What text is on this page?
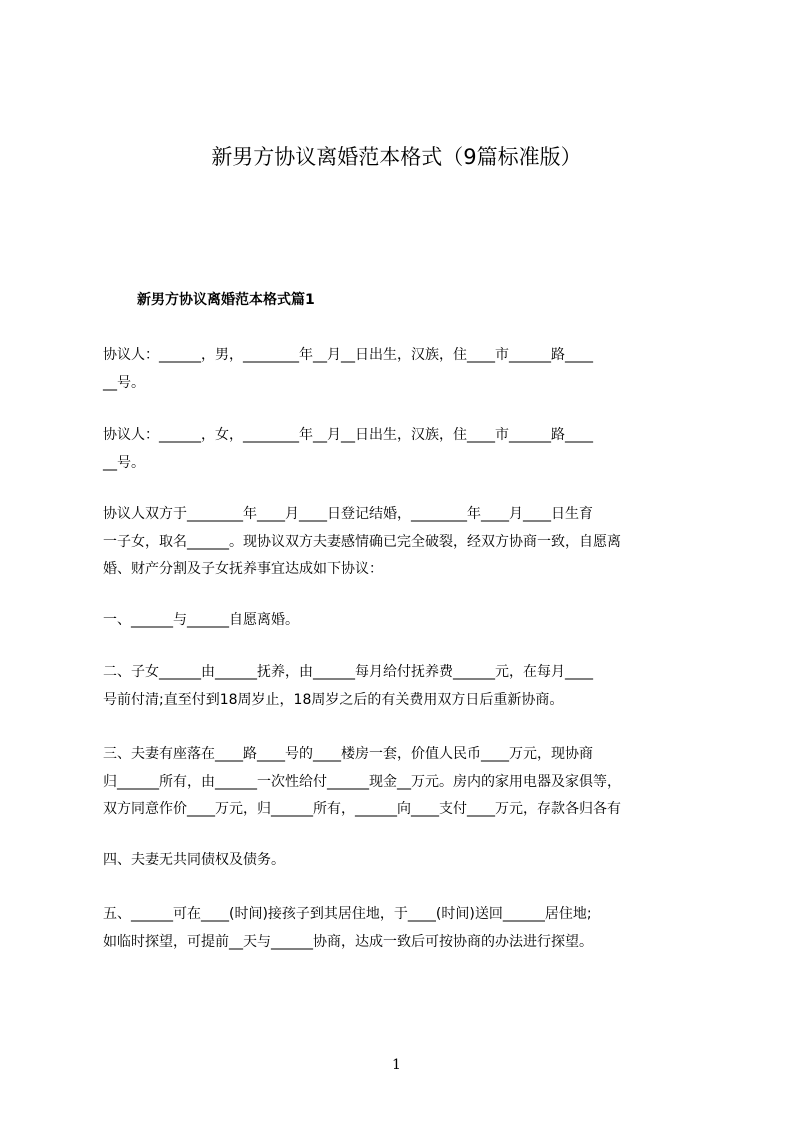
新男方协议离婚范本格式（9篇标准版）
新男方协议离婚范本格式篇1
协议人：______，男，________年__月__日出生，汉族，住____市______路____
__号。
协议人：______，女，________年__月__日出生，汉族，住____市______路____
__号。
协议人双方于________年____月____日登记结婚，________年____月____日生育
一子女，取名______。现协议双方夫妻感情确已完全破裂，经双方协商一致，自愿离
婚、财产分割及子女抚养事宜达成如下协议：
一、______与______自愿离婚。
二、子女______由______抚养，由______每月给付抚养费______元，在每月____
号前付清;直至付到18周岁止，18周岁之后的有关费用双方日后重新协商。
三、夫妻有座落在____路____号的____楼房一套，价值人民币____万元，现协商
归______所有，由______一次性给付______现金__万元。房内的家用电器及家俱等，
双方同意作价____万元，归______所有，______向____支付____万元，存款各归各有
四、夫妻无共同债权及债务。
五、______可在____(时间)接孩子到其居住地，于____(时间)送回______居住地;
如临时探望，可提前__天与______协商，达成一致后可按协商的办法进行探望。
1
